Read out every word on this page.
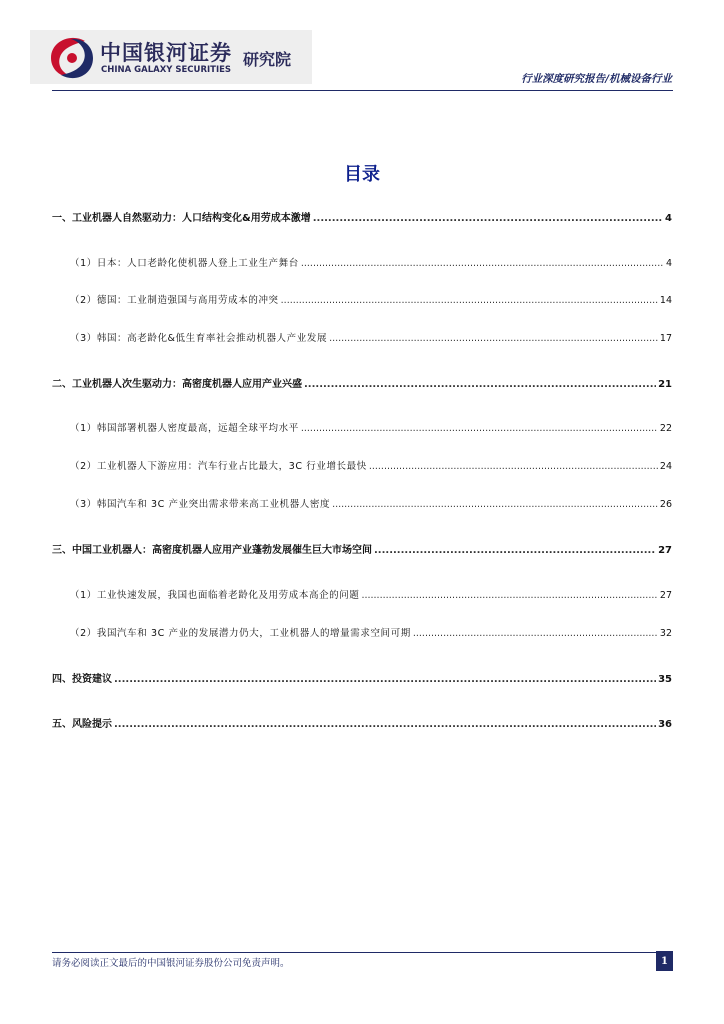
中国银河证券
CHINA GALAXY SECURITIES
研究院
行业深度研究报告/机械设备行业
目录
一、工业机器人自然驱动力：人口结构变化&用劳成本激增 .....	4
（1）日本：人口老龄化使机器人登上工业生产舞台 .....	4
（2）德国：工业制造强国与高用劳成本的冲突 .....	14
（3）韩国：高老龄化&低生育率社会推动机器人产业发展 .....	17
二、工业机器人次生驱动力：高密度机器人应用产业兴盛 .....	21
（1）韩国部署机器人密度最高，远超全球平均水平 .....	22
（2）工业机器人下游应用：汽车行业占比最大，3C 行业增长最快 .....	24
（3）韩国汽车和 3C 产业突出需求带来高工业机器人密度 .....	26
三、中国工业机器人：高密度机器人应用产业蓬勃发展催生巨大市场空间 .....	27
（1）工业快速发展，我国也面临着老龄化及用劳成本高企的问题 .....	27
（2）我国汽车和 3C 产业的发展潜力仍大，工业机器人的增量需求空间可期 .....	32
四、投资建议 .....	35
五、风险提示 .....	36
请务必阅读正文最后的中国银河证券股份公司免责声明。	1
